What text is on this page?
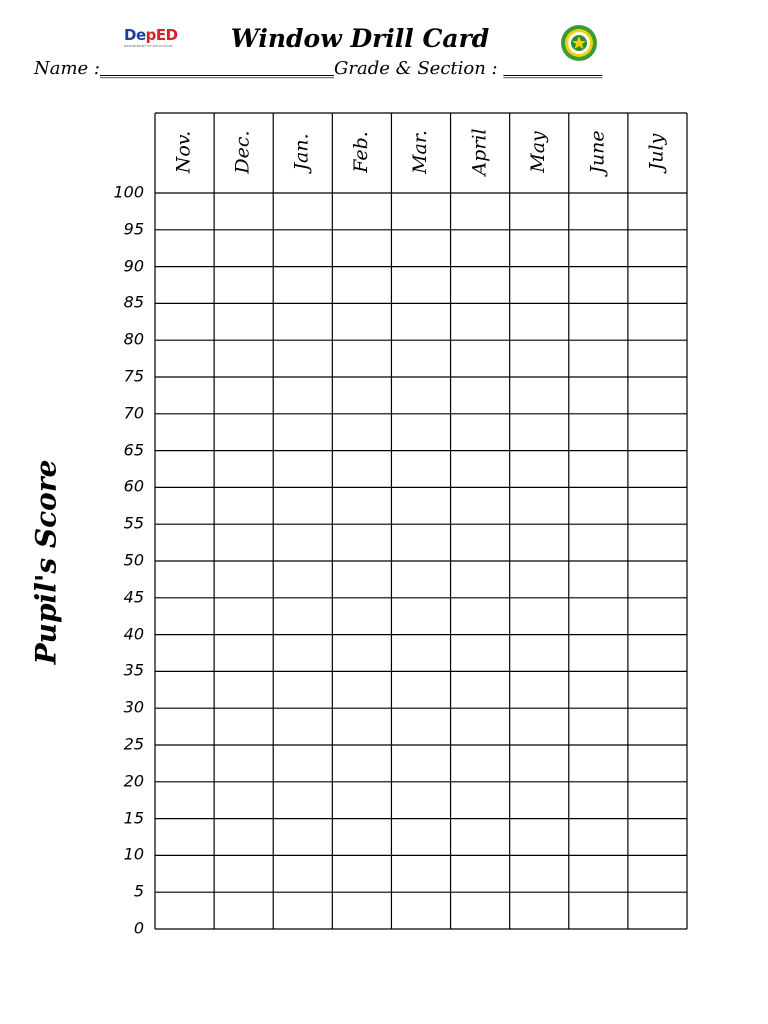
DepED
DEPARTMENT OF EDUCATION	Window Drill Card
Name :__________________________Grade & Section : ___________
Pupil's Score
100
95
90
85
80
75
70
65
60
55
50
45
40
35
30
25
20
15
10
5
0
Nov. Dec. Jan. Feb. Mar. April May June July
